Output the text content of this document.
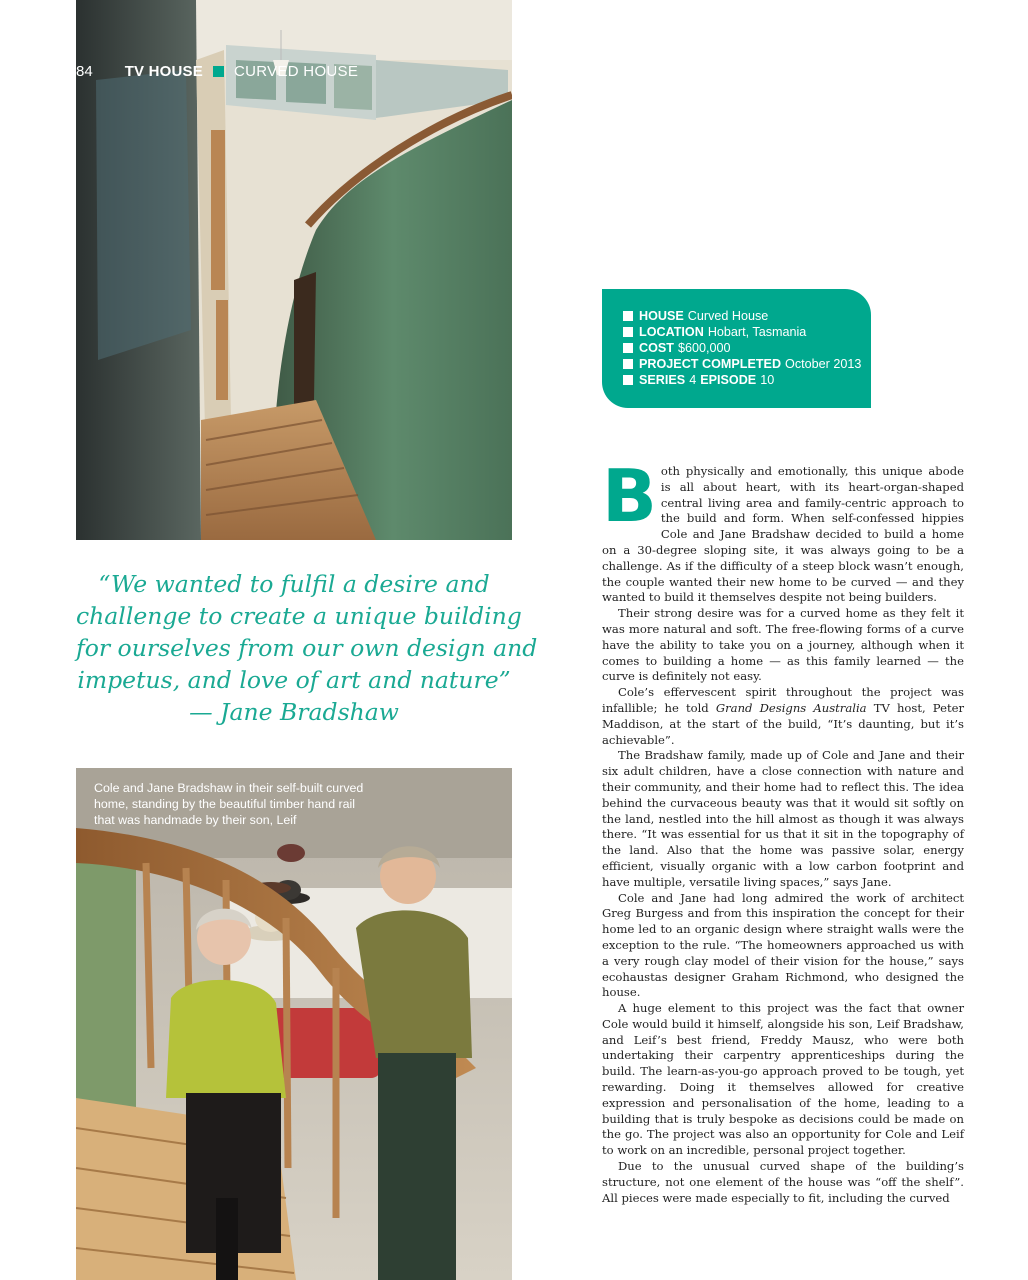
84 TV HOUSE CURVED HOUSE
“We wanted to fulfil a desire and
challenge to create a unique building
for ourselves from our own design and
impetus, and love of art and nature”
— Jane Bradshaw
Cole and Jane Bradshaw in their self-built curved home, standing by the beautiful timber hand rail that was handmade by their son, Leif
HOUSE Curved House
LOCATION Hobart, Tasmania
COST $600,000
PROJECT COMPLETED October 2013
SERIES 4 EPISODE 10

Both physically and emotionally, this unique abode is all about heart, with its heart-organ-shaped central living area and family-centric approach to the build and form. When self-confessed hippies Cole and Jane Bradshaw decided to build a home on a 30-degree sloping site, it was always going to be a challenge. As if the difficulty of a steep block wasn’t enough, the couple wanted their new home to be curved — and they wanted to build it themselves despite not being builders.

Their strong desire was for a curved home as they felt it was more natural and soft. The free-flowing forms of a curve have the ability to take you on a journey, although when it comes to building a home — as this family learned — the curve is definitely not easy.

Cole’s effervescent spirit throughout the project was infallible; he told Grand Designs Australia TV host, Peter Maddison, at the start of the build, “It’s daunting, but it’s achievable”.

The Bradshaw family, made up of Cole and Jane and their six adult children, have a close connection with nature and their community, and their home had to reflect this. The idea behind the curvaceous beauty was that it would sit softly on the land, nestled into the hill almost as though it was always there. “It was essential for us that it sit in the topography of the land. Also that the home was passive solar, energy efficient, visually organic with a low carbon footprint and have multiple, versatile living spaces,” says Jane.

Cole and Jane had long admired the work of architect Greg Burgess and from this inspiration the concept for their home led to an organic design where straight walls were the exception to the rule. “The homeowners approached us with a very rough clay model of their vision for the house,” says ecohaustas designer Graham Richmond, who designed the house.

A huge element to this project was the fact that owner Cole would build it himself, alongside his son, Leif Bradshaw, and Leif’s best friend, Freddy Mausz, who were both undertaking their carpentry apprenticeships during the build. The learn-as-you-go approach proved to be tough, yet rewarding. Doing it themselves allowed for creative expression and personalisation of the home, leading to a building that is truly bespoke as decisions could be made on the go. The project was also an opportunity for Cole and Leif to work on an incredible, personal project together.

Due to the unusual curved shape of the building’s structure, not one element of the house was “off the shelf”. All pieces were made especially to fit, including the curved
